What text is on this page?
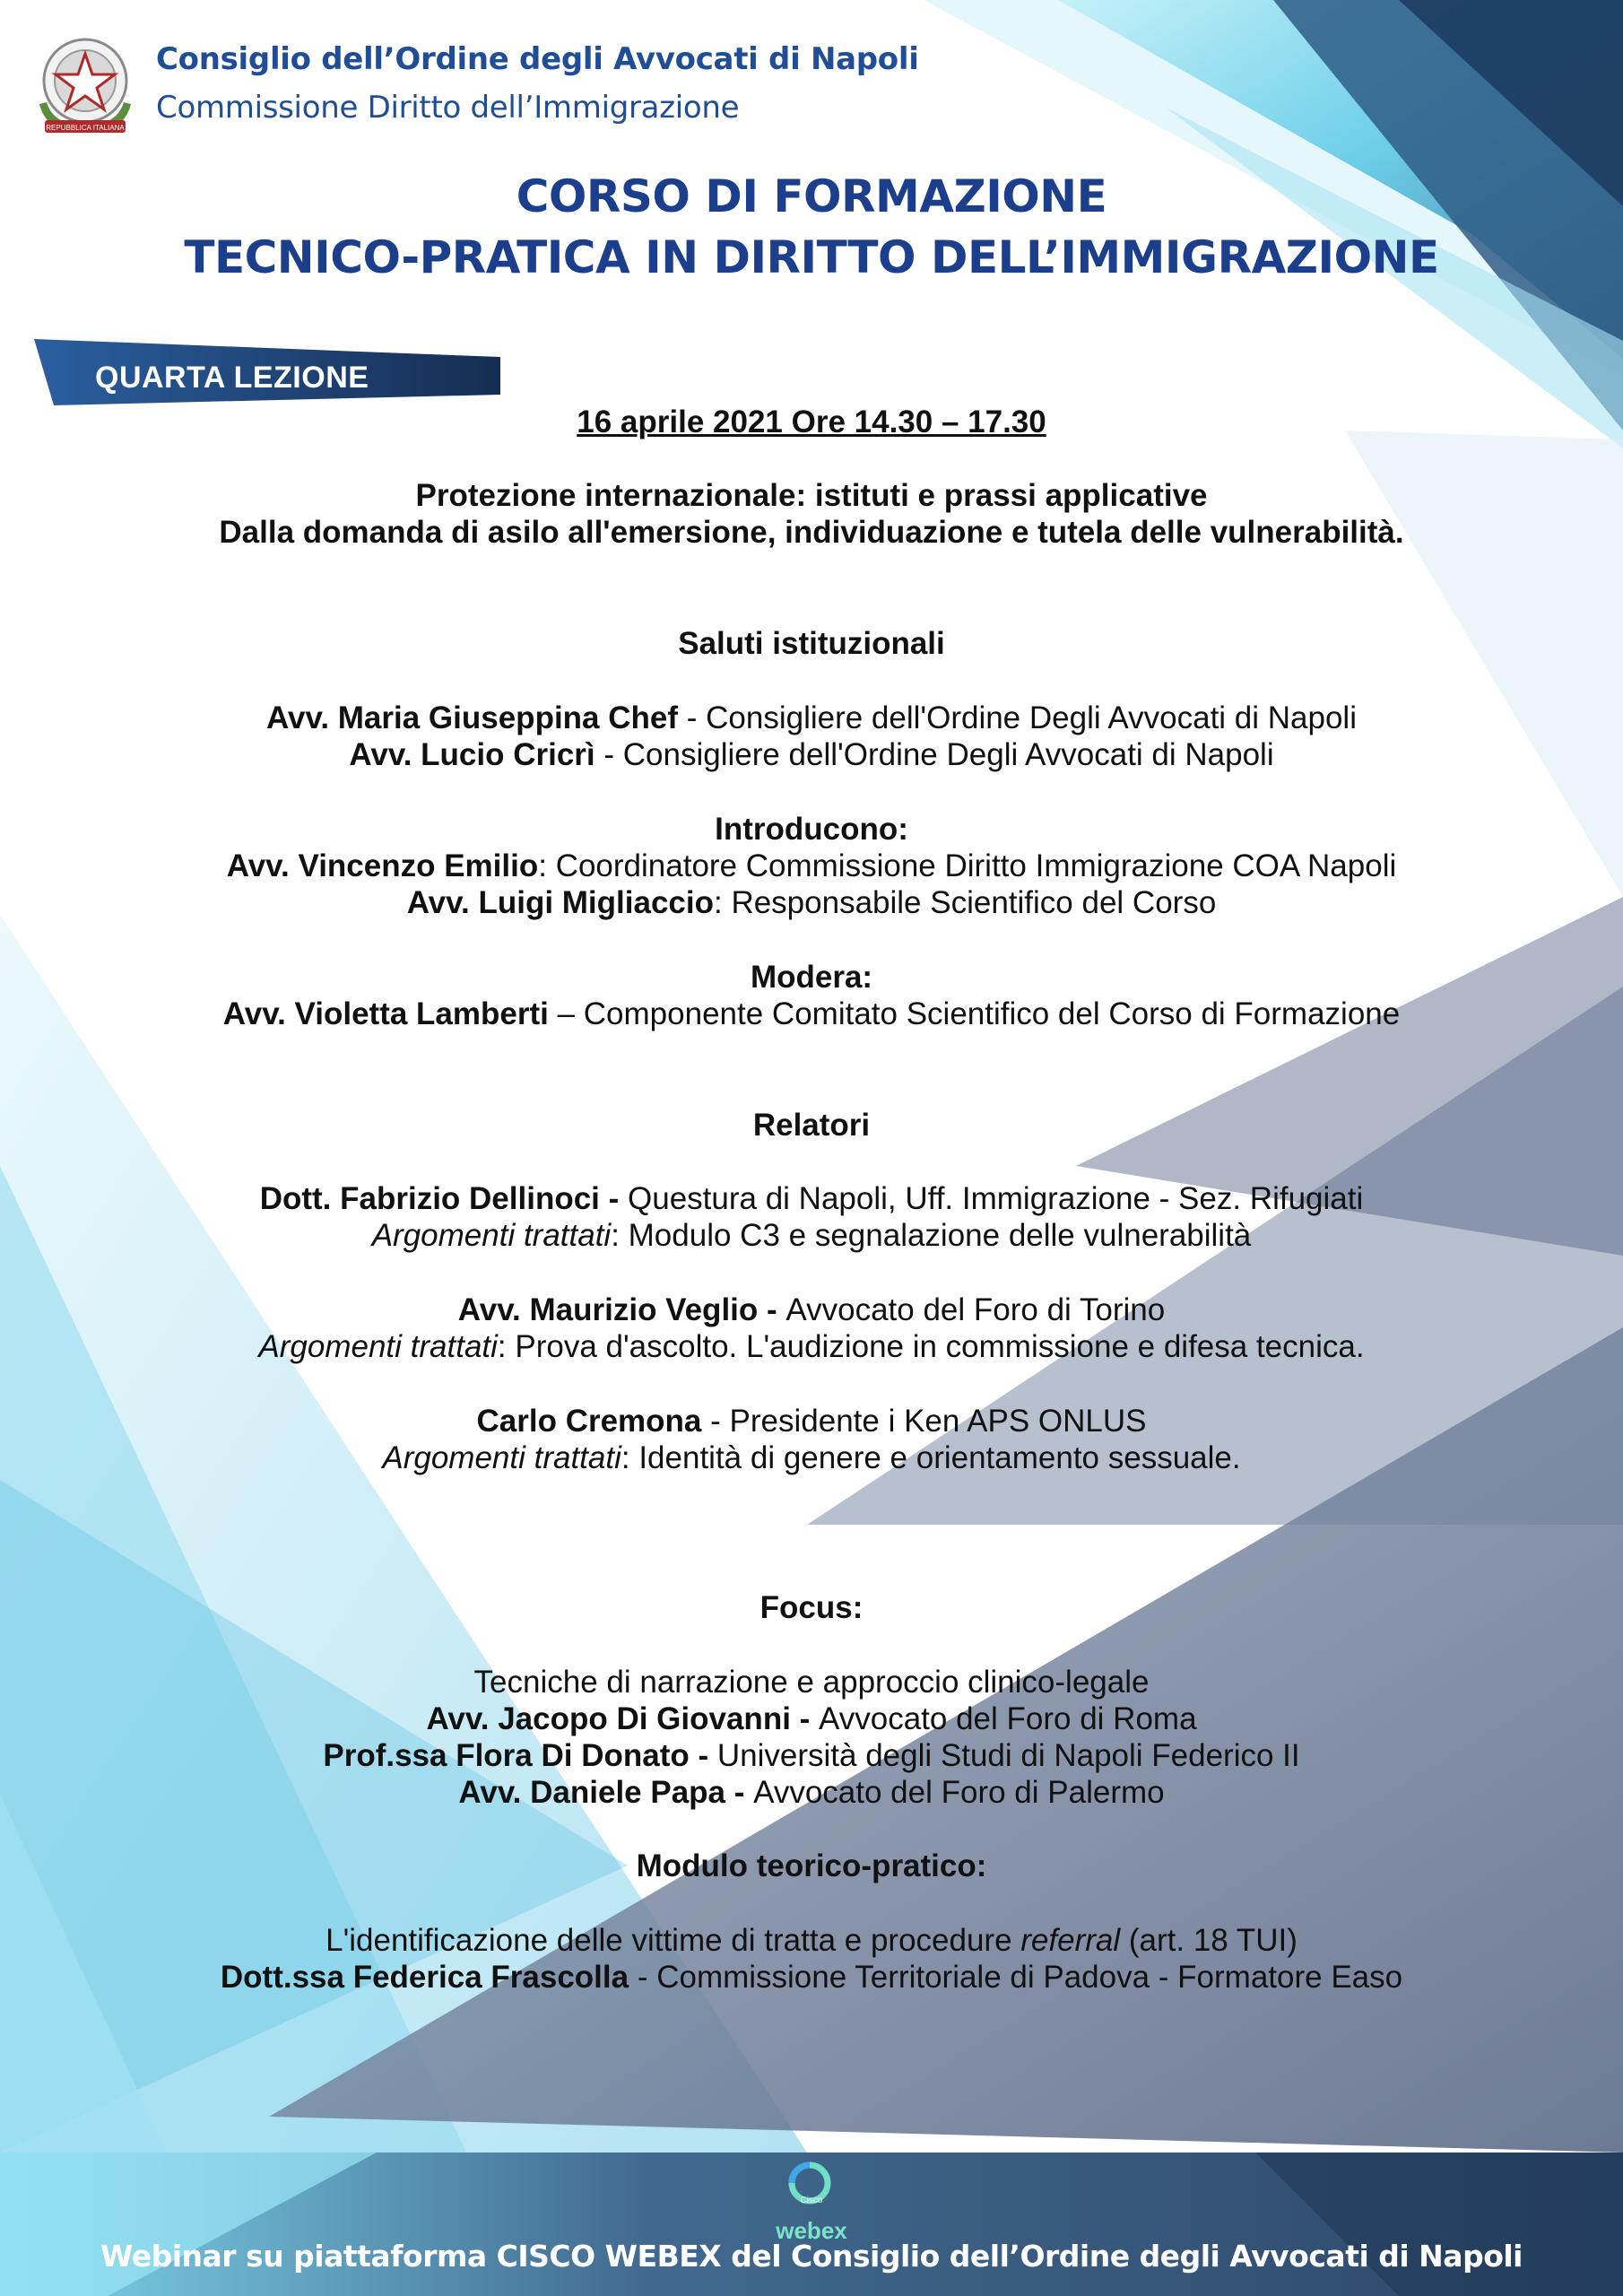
REPUBBLICA ITALIANA
Consiglio dell’Ordine degli Avvocati di Napoli
Commissione Diritto dell’Immigrazione
CORSO DI FORMAZIONE
TECNICO-PRATICA IN DIRITTO DELL’IMMIGRAZIONE
QUARTA LEZIONE
16 aprile 2021 Ore 14.30 – 17.30
Protezione internazionale: istituti e prassi applicative
Dalla domanda di asilo all'emersione, individuazione e tutela delle vulnerabilità.
Saluti istituzionali
Avv. Maria Giuseppina Chef - Consigliere dell'Ordine Degli Avvocati di Napoli
Avv. Lucio Cricrì - Consigliere dell'Ordine Degli Avvocati di Napoli
Introducono:
Avv. Vincenzo Emilio: Coordinatore Commissione Diritto Immigrazione COA Napoli
Avv. Luigi Migliaccio: Responsabile Scientifico del Corso
Modera:
Avv. Violetta Lamberti – Componente Comitato Scientifico del Corso di Formazione
Relatori
Dott. Fabrizio Dellinoci - Questura di Napoli, Uff. Immigrazione - Sez. Rifugiati
Argomenti trattati: Modulo C3 e segnalazione delle vulnerabilità
Avv. Maurizio Veglio - Avvocato del Foro di Torino
Argomenti trattati: Prova d'ascolto. L'audizione in commissione e difesa tecnica.
Carlo Cremona - Presidente i Ken APS ONLUS
Argomenti trattati: Identità di genere e orientamento sessuale.
Focus:
Tecniche di narrazione e approccio clinico-legale
Avv. Jacopo Di Giovanni - Avvocato del Foro di Roma
Prof.ssa Flora Di Donato - Università degli Studi di Napoli Federico II
Avv. Daniele Papa - Avvocato del Foro di Palermo
Modulo teorico-pratico:
L'identificazione delle vittime di tratta e procedure referral (art. 18 TUI)
Dott.ssa Federica Frascolla - Commissione Territoriale di Padova - Formatore Easo
Cisco
webex
Webinar su piattaforma CISCO WEBEX del Consiglio dell’Ordine degli Avvocati di Napoli
